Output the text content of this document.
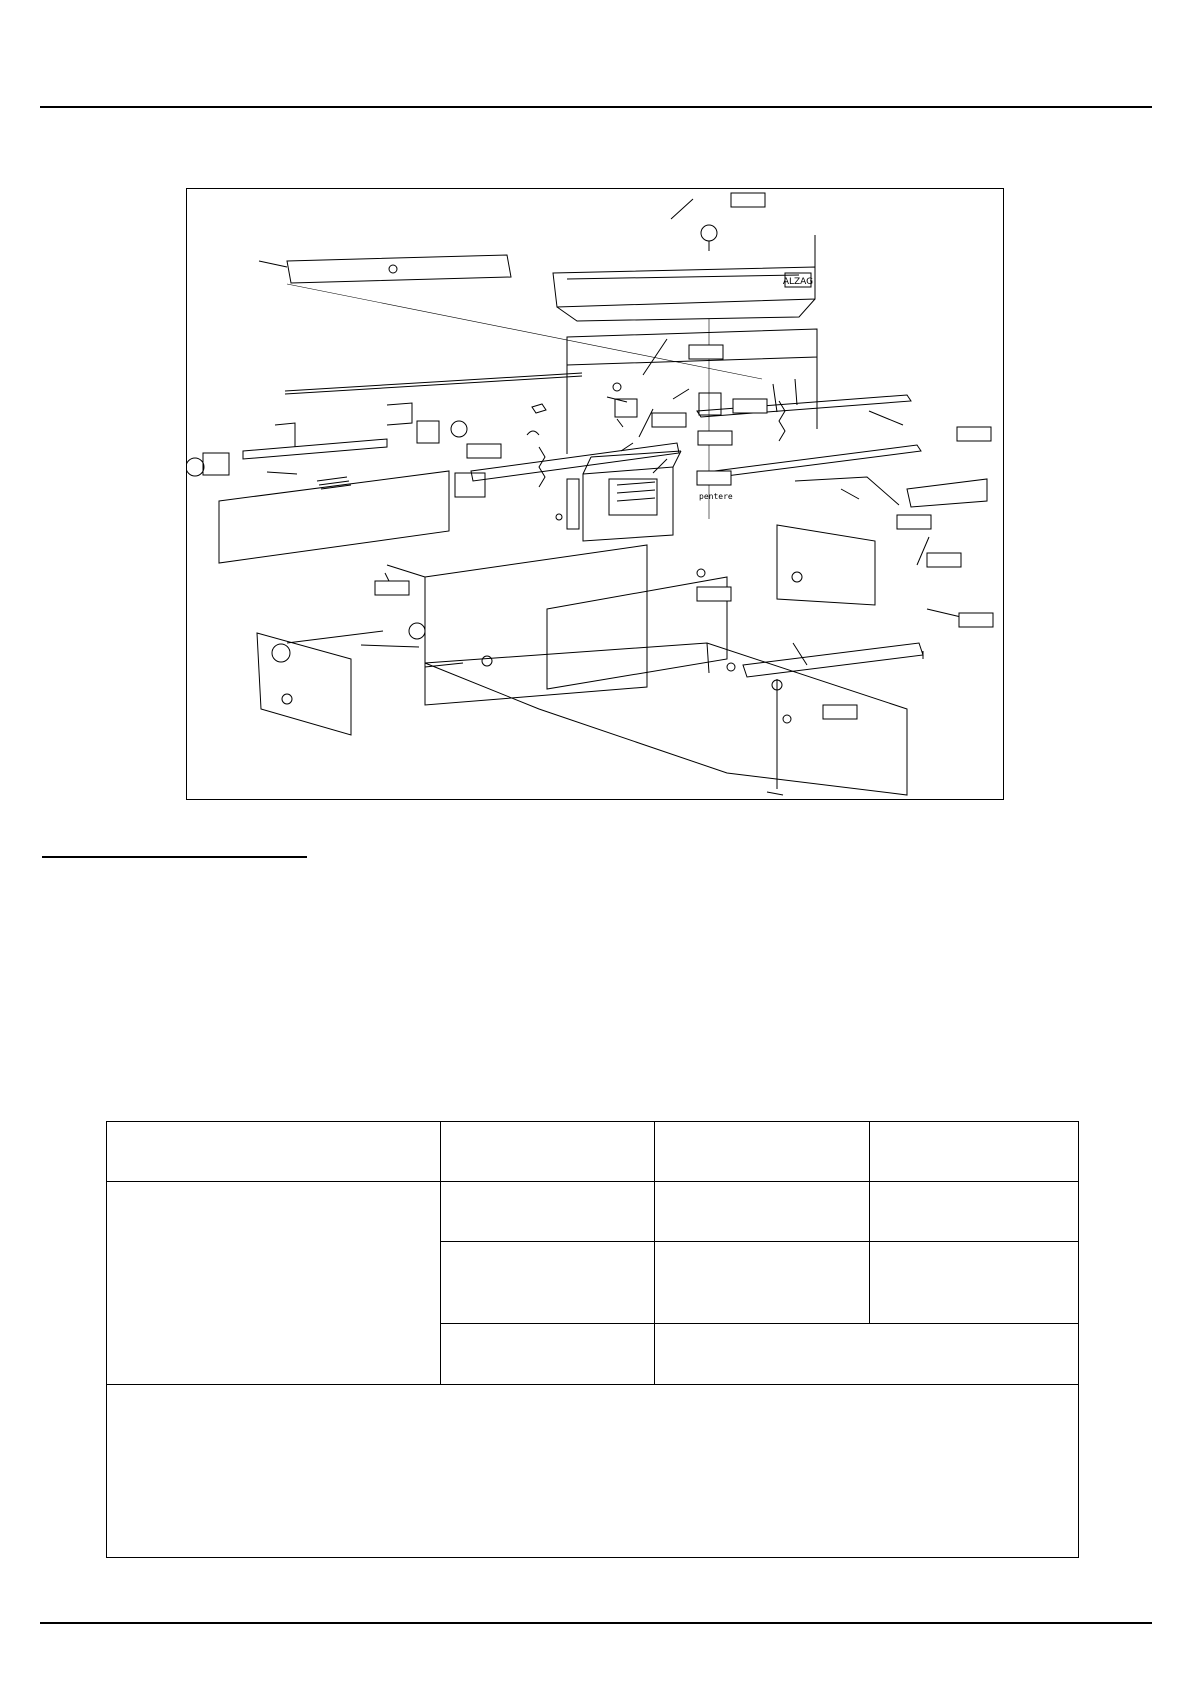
ALZAG
pentere
